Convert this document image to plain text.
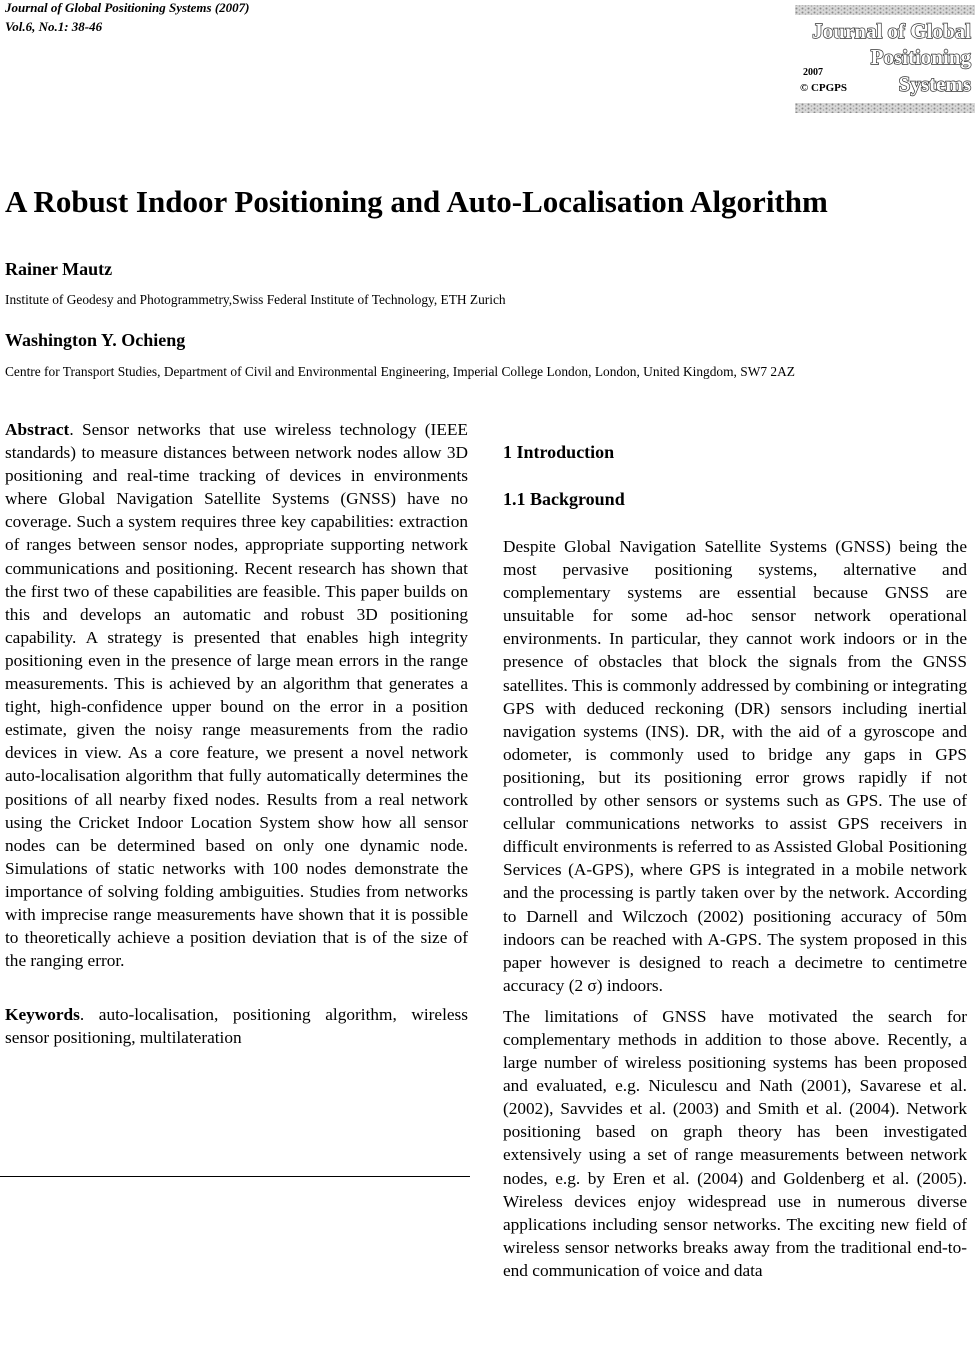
Journal of Global Positioning Systems (2007)
Vol.6, No.1: 38-46	Journal of Global
Positioning
Systems
2007
© CPGPS
A Robust Indoor Positioning and Auto-Localisation Algorithm
Rainer Mautz
Institute of Geodesy and Photogrammetry,Swiss Federal Institute of Technology, ETH Zurich
Washington Y. Ochieng
Centre for Transport Studies, Department of Civil and Environmental Engineering, Imperial College London, London, United Kingdom, SW7 2AZ

Abstract. Sensor networks that use wireless technology (IEEE standards) to measure distances between network nodes allow 3D positioning and real-time tracking of devices in environments where Global Navigation Satellite Systems (GNSS) have no coverage. Such a system requires three key capabilities: extraction of ranges between sensor nodes, appropriate supporting network communications and positioning. Recent research has shown that the first two of these capabilities are feasible. This paper builds on this and develops an automatic and robust 3D positioning capability. A strategy is presented that enables high integrity positioning even in the presence of large mean errors in the range measurements. This is achieved by an algorithm that generates a tight, high-confidence upper bound on the error in a position estimate, given the noisy range measurements from the radio devices in view. As a core feature, we present a novel network auto-localisation algorithm that fully automatically determines the positions of all nearby fixed nodes. Results from a real network using the Cricket Indoor Location System show how all sensor nodes can be determined based on only one dynamic node. Simulations of static networks with 100 nodes demonstrate the importance of solving folding ambiguities. Studies from networks with imprecise range measurements have shown that it is possible to theoretically achieve a position deviation that is of the size of the ranging error.

Keywords. auto-localisation, positioning algorithm, wireless sensor positioning, multilateration

1 Introduction
1.1 Background

Despite Global Navigation Satellite Systems (GNSS) being the most pervasive positioning systems, alternative and complementary systems are essential because GNSS are unsuitable for some ad-hoc sensor network operational environments. In particular, they cannot work indoors or in the presence of obstacles that block the signals from the GNSS satellites. This is commonly addressed by combining or integrating GPS with deduced reckoning (DR) sensors including inertial navigation systems (INS). DR, with the aid of a gyroscope and odometer, is commonly used to bridge any gaps in GPS positioning, but its positioning error grows rapidly if not controlled by other sensors or systems such as GPS. The use of cellular communications networks to assist GPS receivers in difficult environments is referred to as Assisted Global Positioning Services (A-GPS), where GPS is integrated in a mobile network and the processing is partly taken over by the network. According to Darnell and Wilczoch (2002) positioning accuracy of 50m indoors can be reached with A-GPS. The system proposed in this paper however is designed to reach a decimetre to centimetre accuracy (2 σ) indoors.

The limitations of GNSS have motivated the search for complementary methods in addition to those above. Recently, a large number of wireless positioning systems has been proposed and evaluated, e.g. Niculescu and Nath (2001), Savarese et al. (2002), Savvides et al. (2003) and Smith et al. (2004). Network positioning based on graph theory has been investigated extensively using a set of range measurements between network nodes, e.g. by Eren et al. (2004) and Goldenberg et al. (2005). Wireless devices enjoy widespread use in numerous diverse applications including sensor networks. The exciting new field of wireless sensor networks breaks away from the traditional end-to-end communication of voice and data
